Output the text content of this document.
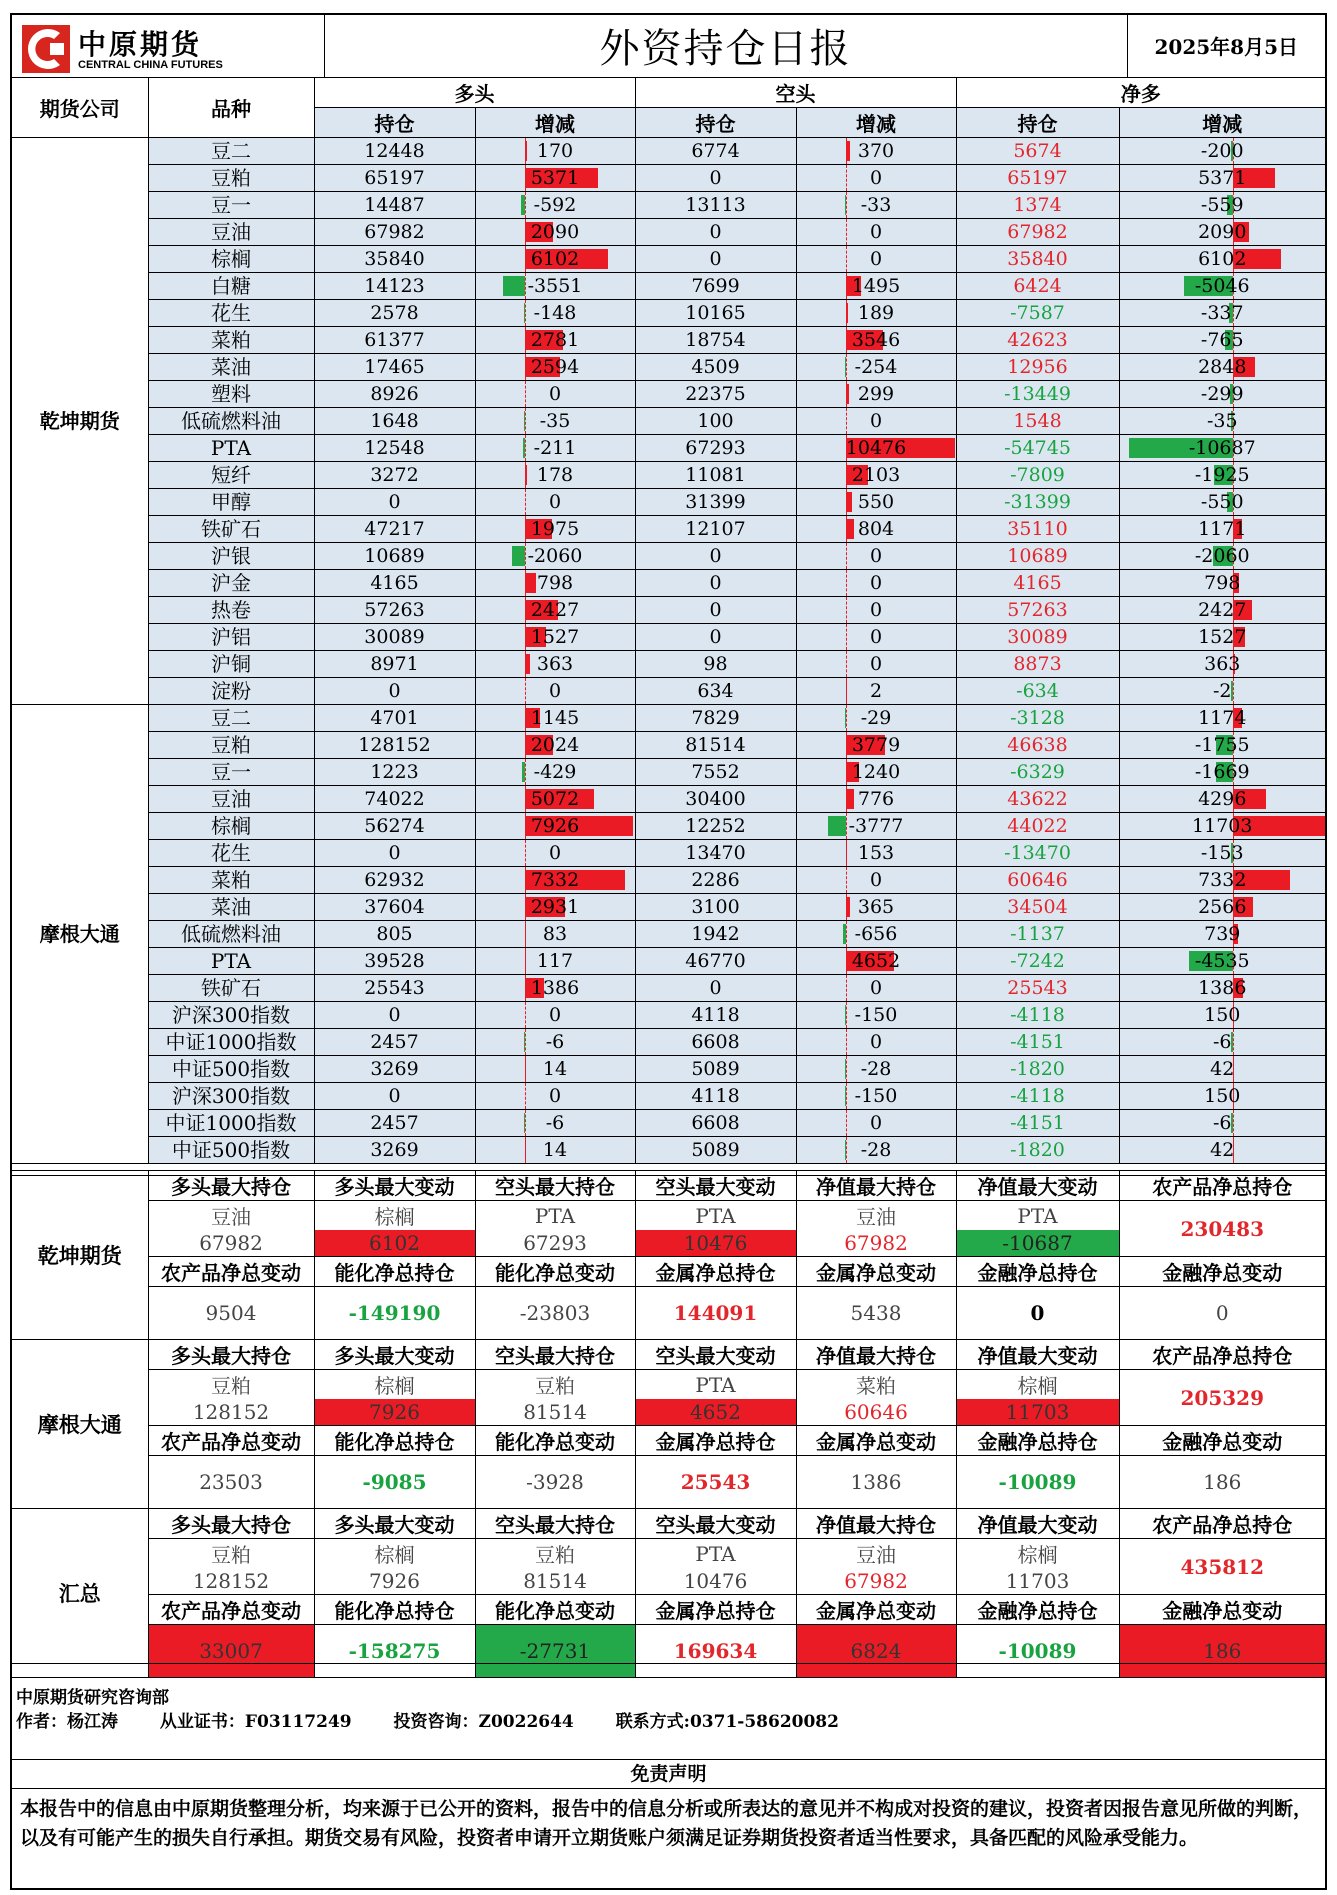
中原期货
CENTRAL CHINA FUTURES	外资持仓日报	2025年8月5日
期货公司	品种	多头		空头		净多	
		持仓	增减	持仓	增减	持仓	增减
乾坤期货	豆二	12448	170	6774	370	5674	-200

	豆粕	65197	5371	0	0	65197	5371

	豆一	14487	-592	13113	-33	1374	-559

	豆油	67982	2090	0	0	67982	2090

	棕榈	35840	6102	0	0	35840	6102

	白糖	14123	-3551	7699	1495	6424	-5046

	花生	2578	-148	10165	189	-7587	-337

	菜粕	61377	2781	18754	3546	42623	-765

	菜油	17465	2594	4509	-254	12956	2848

	塑料	8926	0	22375	299	-13449	-299

	低硫燃料油	1648	-35	100	0	1548	-35

	PTA	12548	-211	67293	10476	-54745	-10687

	短纤	3272	178	11081	2103	-7809	-1925

	甲醇	0	0	31399	550	-31399	-550

	铁矿石	47217	1975	12107	804	35110	1171

	沪银	10689	-2060	0	0	10689	-2060

	沪金	4165	798	0	0	4165	798

	热卷	57263	2427	0	0	57263	2427

	沪铝	30089	1527	0	0	30089	1527

	沪铜	8971	363	98	0	8873	363

	淀粉	0	0	634	2	-634	-2

摩根大通	豆二	4701	1145	7829	-29	-3128	1174

	豆粕	128152	2024	81514	3779	46638	-1755

	豆一	1223	-429	7552	1240	-6329	-1669

	豆油	74022	5072	30400	776	43622	4296

	棕榈	56274	7926	12252	-3777	44022	11703

	花生	0	0	13470	153	-13470	-153

	菜粕	62932	7332	2286	0	60646	7332

	菜油	37604	2931	3100	365	34504	2566

	低硫燃料油	805	83	1942	-656	-1137	739

	PTA	39528	117	46770	4652	-7242	-4535

	铁矿石	25543	1386	0	0	25543	1386

	沪深300指数	0	0	4118	-150	-4118	150

	中证1000指数	2457	-6	6608	0	-4151	-6

	中证500指数	3269	14	5089	-28	-1820	42

	沪深300指数	0	0	4118	-150	-4118	150

	中证1000指数	2457	-6	6608	0	-4151	-6

	中证500指数	3269	14	5089	-28	-1820	42

乾坤期货	多头最大持仓	多头最大变动	空头最大持仓	空头最大变动	净值最大持仓	净值最大变动	农产品净总持仓
	豆油	棕榈	PTA	PTA	豆油	PTA	230483
	67982	6102	67293	10476	67982	-10687	
	农产品净总变动	能化净总持仓	能化净总变动	金属净总持仓	金属净总变动	金融净总持仓	金融净总变动
	9504	-149190	-23803	144091	5438	0	0

摩根大通	多头最大持仓	多头最大变动	空头最大持仓	空头最大变动	净值最大持仓	净值最大变动	农产品净总持仓
	豆粕	棕榈	豆粕	PTA	菜粕	棕榈	205329
	128152	7926	81514	4652	60646	11703	
	农产品净总变动	能化净总持仓	能化净总变动	金属净总持仓	金属净总变动	金融净总持仓	金融净总变动
	23503	-9085	-3928	25543	1386	-10089	186

汇总	多头最大持仓	多头最大变动	空头最大持仓	空头最大变动	净值最大持仓	净值最大变动	农产品净总持仓
	豆粕	棕榈	豆粕	PTA	豆油	棕榈	435812
	128152	7926	81514	10476	67982	11703	
	农产品净总变动	能化净总持仓	能化净总变动	金属净总持仓	金属净总变动	金融净总持仓	金融净总变动
	33007	-158275	-27731	169634	6824	-10089	186

中原期货研究咨询部
作者：杨江涛 从业证书：F03117249 投资咨询：Z0022644 联系方式:0371-58620082
免责声明
本报告中的信息由中原期货整理分析，均来源于已公开的资料，报告中的信息分析或所表达的意见并不构成对投资的建议，投资者因报告意见所做的判断，以及有可能产生的损失自行承担。期货交易有风险，投资者申请开立期货账户须满足证券期货投资者适当性要求，具备匹配的风险承受能力。
